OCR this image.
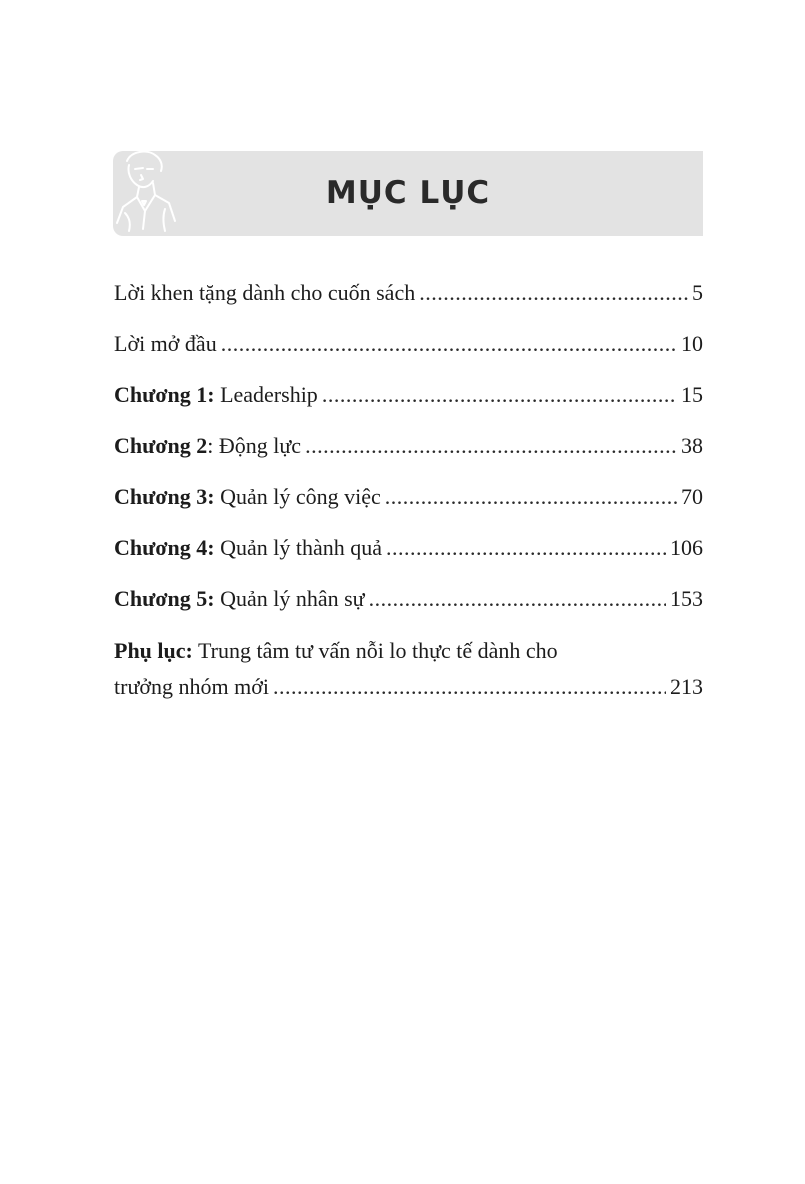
MỤC LỤC
Lời khen tặng dành cho cuốn sách .....	5
Lời mở đầu .....	10
Chương 1: Leadership .....	15
Chương 2: Động lực .....	38
Chương 3: Quản lý công việc .....	70
Chương 4: Quản lý thành quả .....	106
Chương 5: Quản lý nhân sự .....	153
Phụ lục: Trung tâm tư vấn nỗi lo thực tế dành cho
trưởng nhóm mới .....	213
